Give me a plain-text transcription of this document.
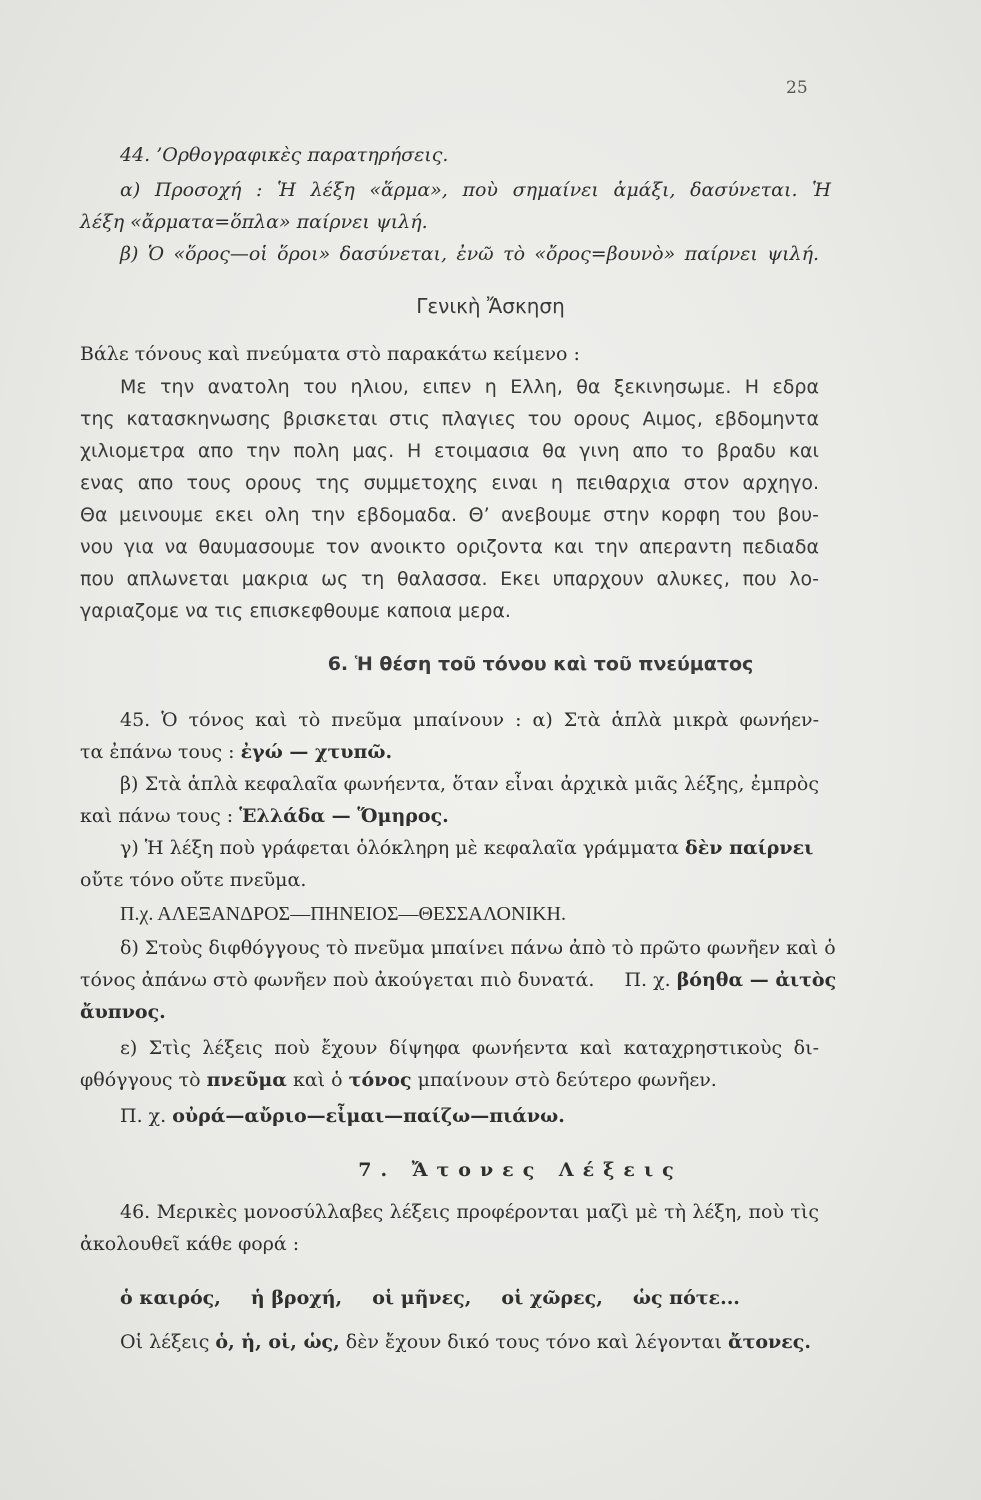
25
44. ’Ορθογραφικὲς παρατηρήσεις.
α) Προσοχή : Ἡ λέξη «ἅρμα», ποὺ σημαίνει ἁμάξι, δασύνεται. Ἡ
λέξη «ἄρματα=ὅπλα» παίρνει ψιλή.
β) Ὁ «ὅρος—οἱ ὅροι» δασύνεται, ἐνῶ τὸ «ὄρος=βουνὸ» παίρνει ψιλή.
Γενικὴ Ἄσκηση
Βάλε τόνους καὶ πνεύματα στὸ παρακάτω κείμενο :
Με την ανατολη του ηλιου, ειπεν η Ελλη, θα ξεκινησωμε. Η εδρα
της κατασκηνωσης βρισκεται στις πλαγιες του ορους Αιμος, εβδομηντα
χιλιομετρα απο την πολη μας. Η ετοιμασια θα γινη απο το βραδυ και
ενας απο τους ορους της συμμετοχης ειναι η πειθαρχια στον αρχηγο.
Θα μεινουμε εκει ολη την εβδομαδα. Θ’ ανεβουμε στην κορφη του βου-
νου για να θαυμασουμε τον ανοικτο οριζοντα και την απεραντη πεδιαδα
που απλωνεται μακρια ως τη θαλασσα. Εκει υπαρχουν αλυκες, που λο-
γαριαζομε να τις επισκεφθουμε καποια μερα.
6. Ἡ θέση τοῦ τόνου καὶ τοῦ πνεύματος
45. Ὁ τόνος καὶ τὸ πνεῦμα μπαίνουν : α) Στὰ ἁπλὰ μικρὰ φωνήεν-
τα ἐπάνω τους : ἐγώ — χτυπῶ.
β) Στὰ ἁπλὰ κεφαλαῖα φωνήεντα, ὅταν εἶναι ἀρχικὰ μιᾶς λέξης, ἐμπρὸς
καὶ πάνω τους : Ἑλλάδα — Ὅμηρος.
γ) Ἡ λέξη ποὺ γράφεται ὁλόκληρη μὲ κεφαλαῖα γράμματα δὲν παίρνει
οὔτε τόνο οὔτε πνεῦμα.
Π.χ. ΑΛΕΞΑΝΔΡΟΣ—ΠΗΝΕΙΟΣ—ΘΕΣΣΑΛΟΝΙΚΗ.
δ) Στοὺς διφθόγγους τὸ πνεῦμα μπαίνει πάνω ἀπὸ τὸ πρῶτο φωνῆεν καὶ ὁ
τόνος ἀπάνω στὸ φωνῆεν ποὺ ἀκούγεται πιὸ δυνατά. Π. χ. βόηθα — ἀιτὸς
ἄυπνος.
ε) Στὶς λέξεις ποὺ ἔχουν δίψηφα φωνήεντα καὶ καταχρηστικοὺς δι-
φθόγγους τὸ πνεῦμα καὶ ὁ τόνος μπαίνουν στὸ δεύτερο φωνῆεν.
Π. χ. οὐρά—αὔριο—εἶμαι—παίζω—πιάνω.
7. Ἄτονες Λέξεις
46. Μερικὲς μονοσύλλαβες λέξεις προφέρονται μαζὶ μὲ τὴ λέξη, ποὺ τὶς
ἀκολουθεῖ κάθε φορά :
ὁ καιρός, ἡ βροχή, οἱ μῆνες, οἱ χῶρες, ὡς πότε...
Οἱ λέξεις ὁ, ἡ, οἱ, ὡς, δὲν ἔχουν δικό τους τόνο καὶ λέγονται ἄτονες.
